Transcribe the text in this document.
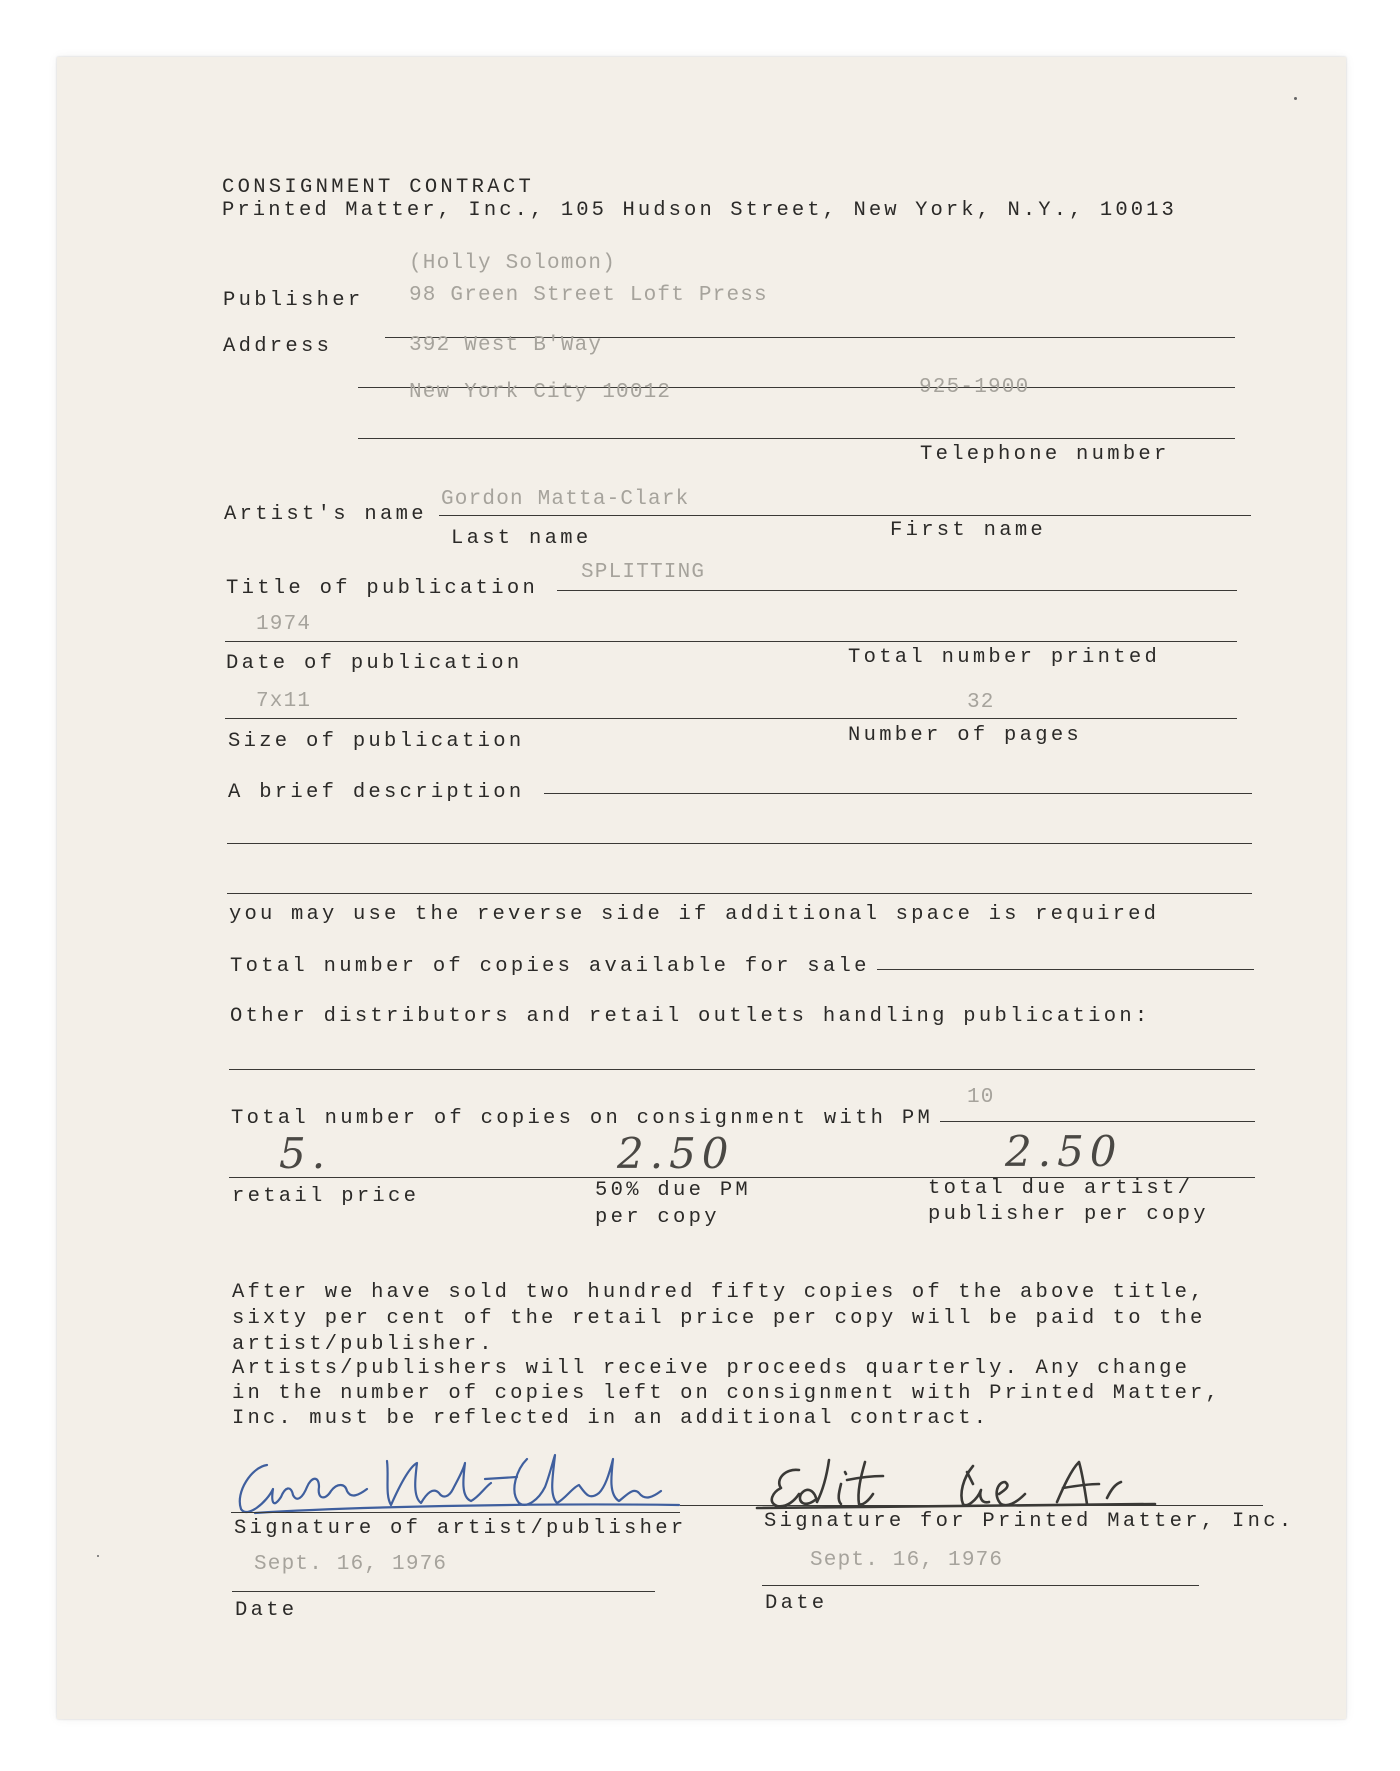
CONSIGNMENT CONTRACT
Printed Matter, Inc., 105 Hudson Street, New York, N.Y., 10013
(Holly Solomon)
Publisher 98 Green Street Loft Press
Address	392 West B'Way
New York City 10012	925-1900
Telephone number
Artist's name
Gordon Matta-Clark
Last name	First name
Title of publication
SPLITTING
1974
Date of publication	Total number printed
7x11	32
Size of publication	Number of pages
A brief description
you may use the reverse side if additional space is required
Total number of copies available for sale
Other distributors and retail outlets handling publication:
Total number of copies on consignment with PM
10
5.	2.50	2.50
retail price	50% due PM
per copy
total due artist/
publisher per copy
After we have sold two hundred fifty copies of the above title,
sixty per cent of the retail price per copy will be paid to the
artist/publisher.
Artists/publishers will receive proceeds quarterly. Any change
in the number of copies left on consignment with Printed Matter,
Inc. must be reflected in an additional contract.
Signature of artist/publisher	Signature for Printed Matter, Inc.
Sept. 16, 1976
Date
Sept. 16, 1976
Date
